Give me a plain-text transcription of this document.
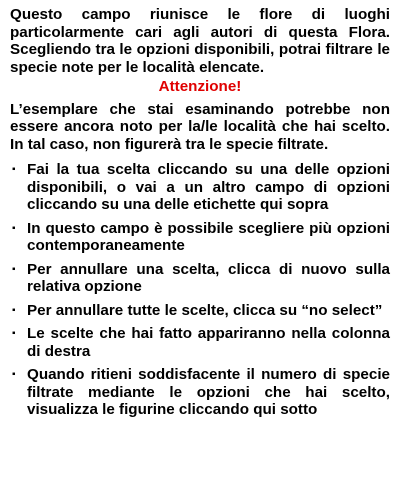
Questo campo riunisce le flore di luoghi particolarmente cari agli autori di questa Flora. Scegliendo tra le opzioni disponibili, potrai filtrare le specie note per le località elencate.

Attenzione!

L’esemplare che stai esaminando potrebbe non essere ancora noto per la/le località che hai scelto. In tal caso, non figurerà tra le specie filtrate.

▪ Fai la tua scelta cliccando su una delle opzioni disponibili, o vai a un altro campo di opzioni cliccando su una delle etichette qui sopra
▪ In questo campo è possibile scegliere più opzioni contemporaneamente
▪ Per annullare una scelta, clicca di nuovo sulla relativa opzione
▪ Per annullare tutte le scelte, clicca su “no select”
▪ Le scelte che hai fatto appariranno nella colonna di destra
▪ Quando ritieni soddisfacente il numero di specie filtrate mediante le opzioni che hai scelto, visualizza le figurine cliccando qui sotto
